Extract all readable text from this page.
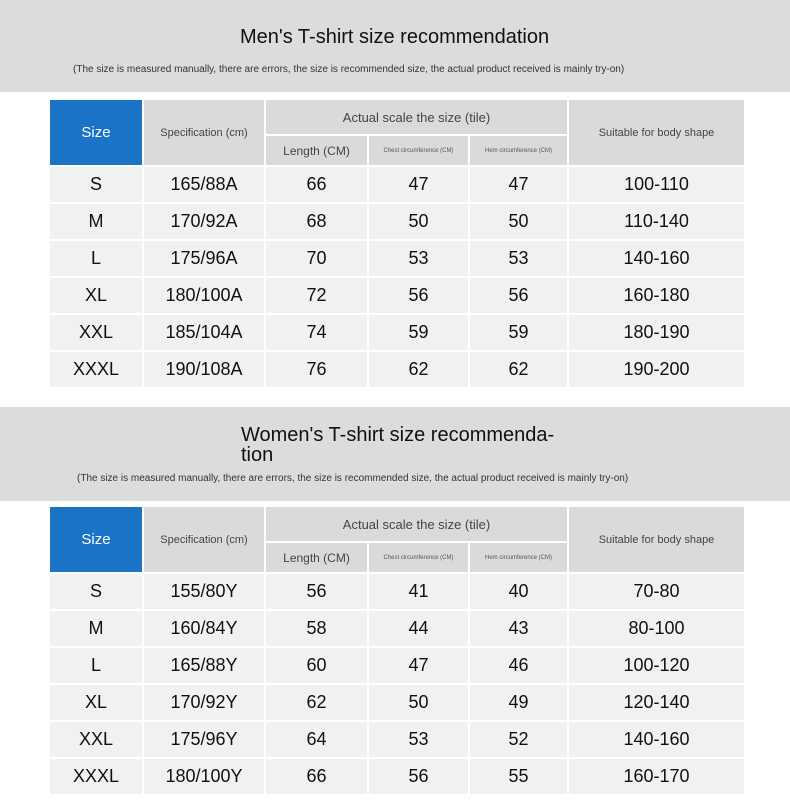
Men's T-shirt size recommendation
(The size is measured manually, there are errors, the size is recommended size, the actual product received is mainly try-on)
Size	Specification (cm)	Actual scale the size (tile)			Suitable for body shape
		Length (CM)	Chest circumference (CM)	Hem circumference (CM)	
S	165/88A	66	47	47	100-110
M	170/92A	68	50	50	110-140
L	175/96A	70	53	53	140-160
XL	180/100A	72	56	56	160-180
XXL	185/104A	74	59	59	180-190
XXXL	190/108A	76	62	62	190-200
Women's T-shirt size recommenda-
tion
(The size is measured manually, there are errors, the size is recommended size, the actual product received is mainly try-on)
Size	Specification (cm)	Actual scale the size (tile)			Suitable for body shape
		Length (CM)	Chest circumference (CM)	Hem circumference (CM)	
S	155/80Y	56	41	40	70-80
M	160/84Y	58	44	43	80-100
L	165/88Y	60	47	46	100-120
XL	170/92Y	62	50	49	120-140
XXL	175/96Y	64	53	52	140-160
XXXL	180/100Y	66	56	55	160-170
